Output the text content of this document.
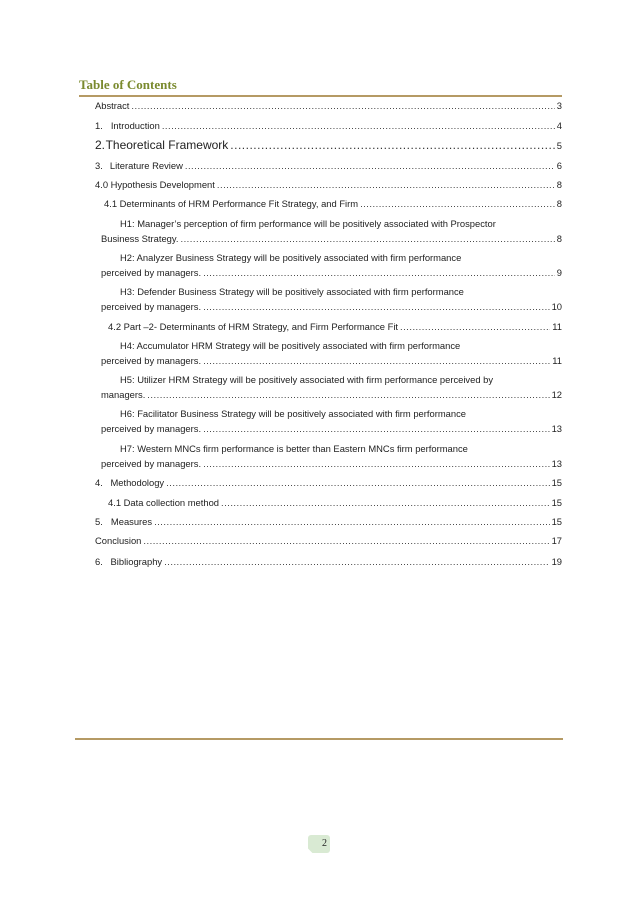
Table of Contents
Abstract .....	3
1. Introduction .....	4
2. Theoretical Framework .....	5
3. Literature Review .....	6
4.0 Hypothesis Development .....	8
4.1 Determinants of HRM Performance Fit Strategy, and Firm .....	8
H1: Manager’s perception of firm performance will be positively associated with Prospector
Business Strategy. .....	8
H2: Analyzer Business Strategy will be positively associated with firm performance
perceived by managers. .....	9
H3: Defender Business Strategy will be positively associated with firm performance
perceived by managers. .....	10
4.2 Part –2- Determinants of HRM Strategy, and Firm Performance Fit .....	11
H4: Accumulator HRM Strategy will be positively associated with firm performance
perceived by managers. .....	11
H5: Utilizer HRM Strategy will be positively associated with firm performance perceived by
managers. .....	12
H6: Facilitator Business Strategy will be positively associated with firm performance
perceived by managers. .....	13
H7: Western MNCs firm performance is better than Eastern MNCs firm performance
perceived by managers. .....	13
4. Methodology .....	15
4.1 Data collection method .....	15
5. Measures .....	15
Conclusion .....	17
6. Bibliography .....	19
2
